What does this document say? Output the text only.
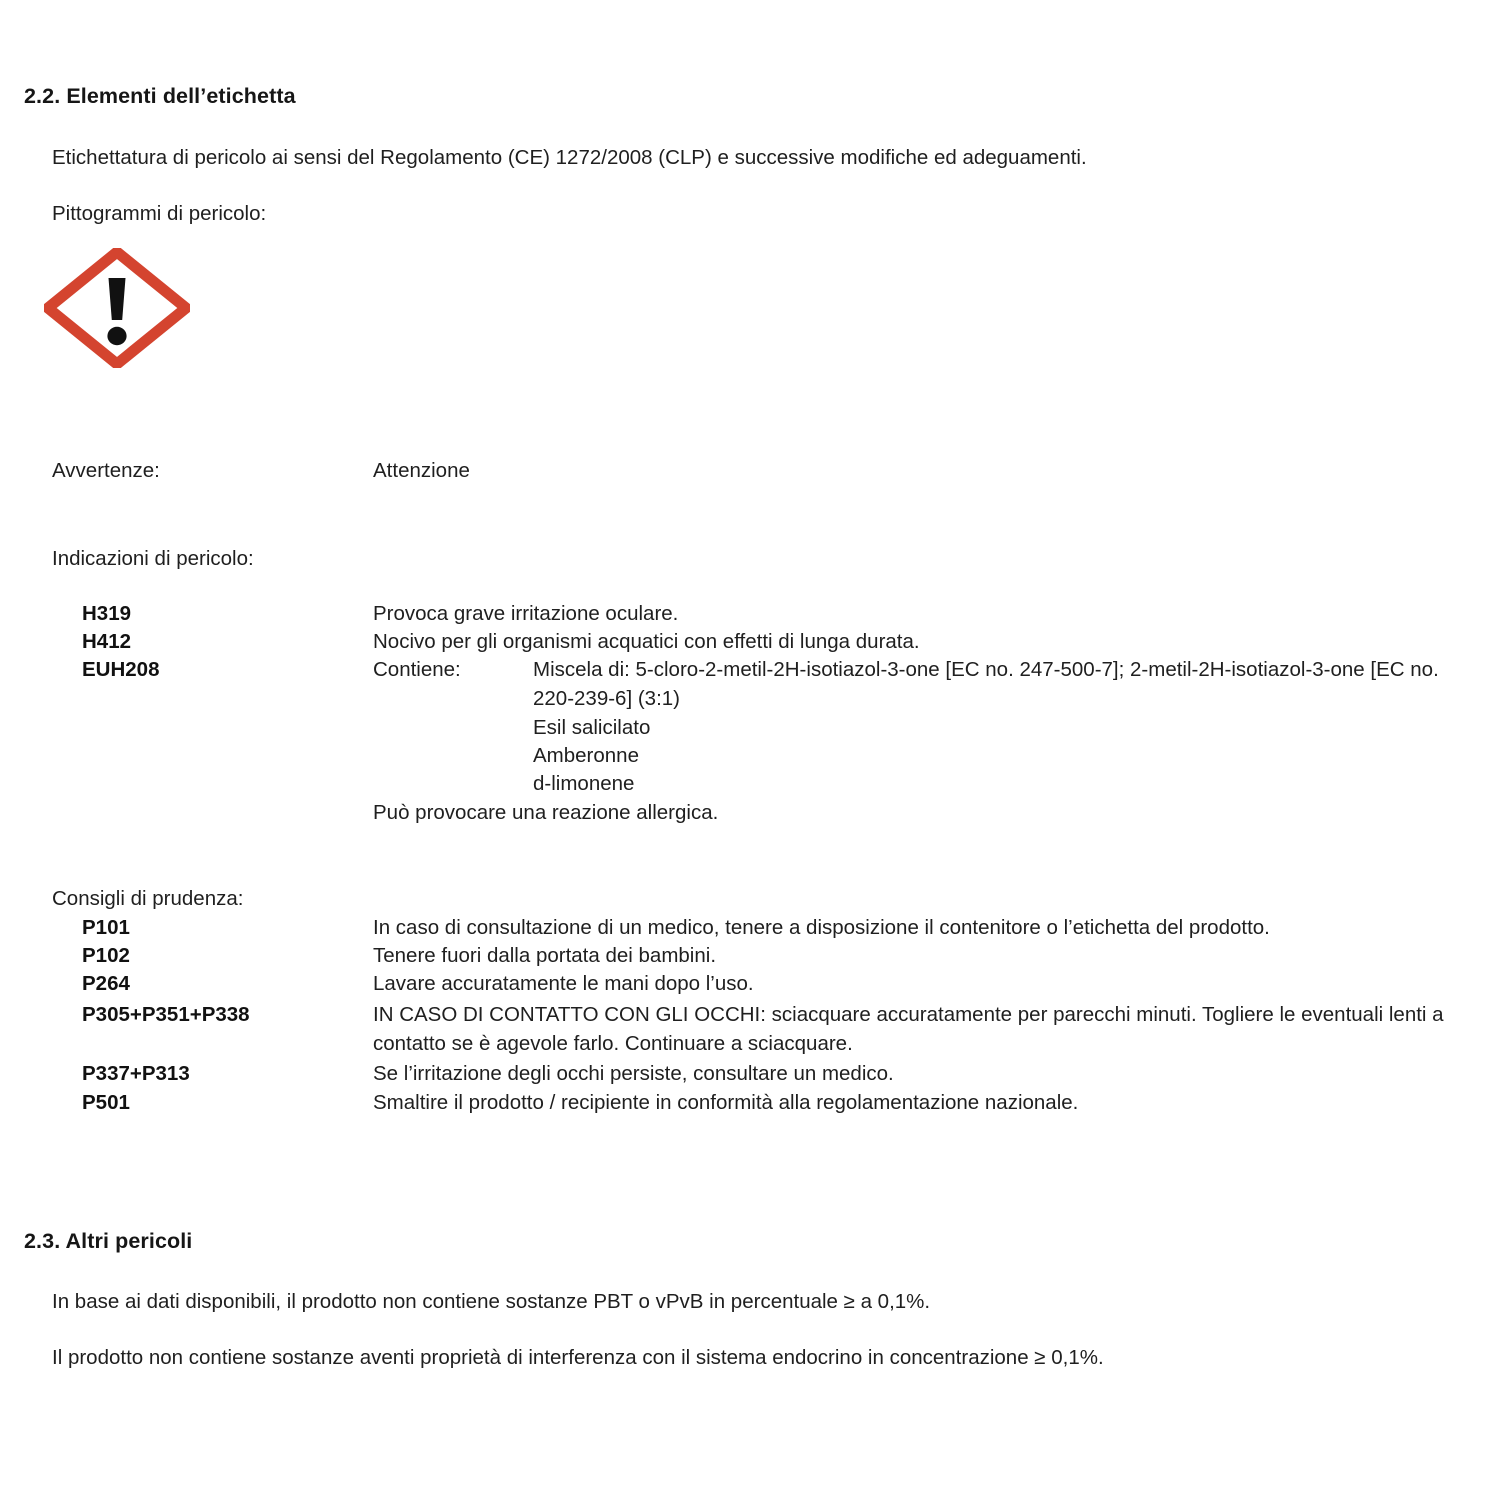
2.2. Elementi dell’etichetta
Etichettatura di pericolo ai sensi del Regolamento (CE) 1272/2008 (CLP) e successive modifiche ed adeguamenti.
Pittogrammi di pericolo:
Avvertenze:	Attenzione
Indicazioni di pericolo:
H319	Provoca grave irritazione oculare.
H412	Nocivo per gli organismi acquatici con effetti di lunga durata.
EUH208	Contiene:	Miscela di: 5-cloro-2-metil-2H-isotiazol-3-one [EC no. 247-500-7]; 2-metil-2H-isotiazol-3-one [EC no. 220-239-6] (3:1)
Esil salicilato
Amberonne
d-limonene
Può provocare una reazione allergica.
Consigli di prudenza:
P101	In caso di consultazione di un medico, tenere a disposizione il contenitore o l’etichetta del prodotto.
P102	Tenere fuori dalla portata dei bambini.
P264	Lavare accuratamente le mani dopo l’uso.
P305+P351+P338	IN CASO DI CONTATTO CON GLI OCCHI: sciacquare accuratamente per parecchi minuti. Togliere le eventuali lenti a contatto se è agevole farlo. Continuare a sciacquare.
P337+P313	Se l’irritazione degli occhi persiste, consultare un medico.
P501	Smaltire il prodotto / recipiente in conformità alla regolamentazione nazionale.
2.3. Altri pericoli
In base ai dati disponibili, il prodotto non contiene sostanze PBT o vPvB in percentuale ≥ a 0,1%.
Il prodotto non contiene sostanze aventi proprietà di interferenza con il sistema endocrino in concentrazione ≥ 0,1%.
